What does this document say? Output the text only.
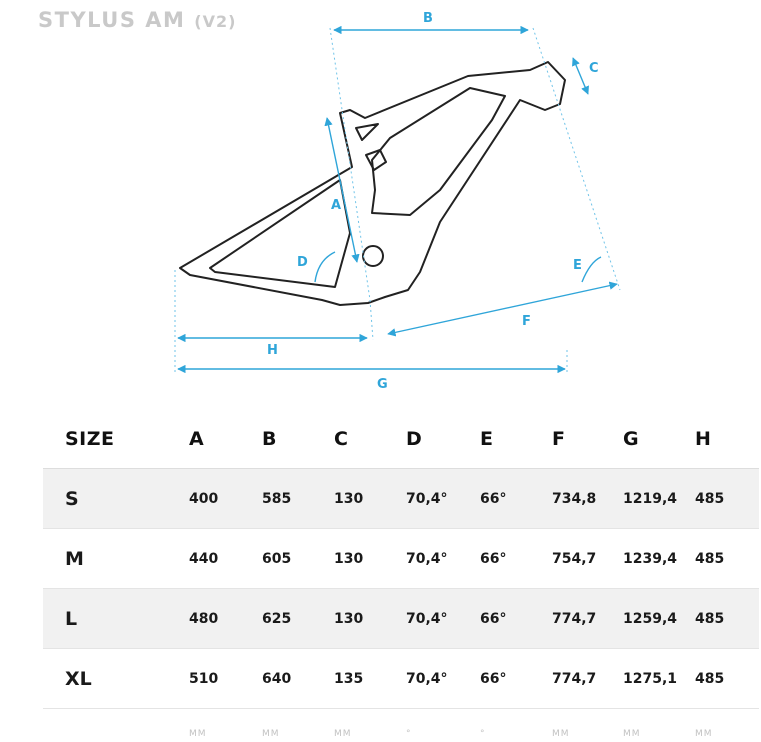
STYLUS AM (V2)	B
C
A
D	E
F
H
G
SIZE	A	B	C	D	E	F	G	H
S	400	585	130	70,4°	66°	734,8	1219,4	485
M	440	605	130	70,4°	66°	754,7	1239,4	485
L	480	625	130	70,4°	66°	774,7	1259,4	485
XL	510	640	135	70,4°	66°	774,7	1275,1	485
	MM	MM	MM	°	°	MM	MM	MM
